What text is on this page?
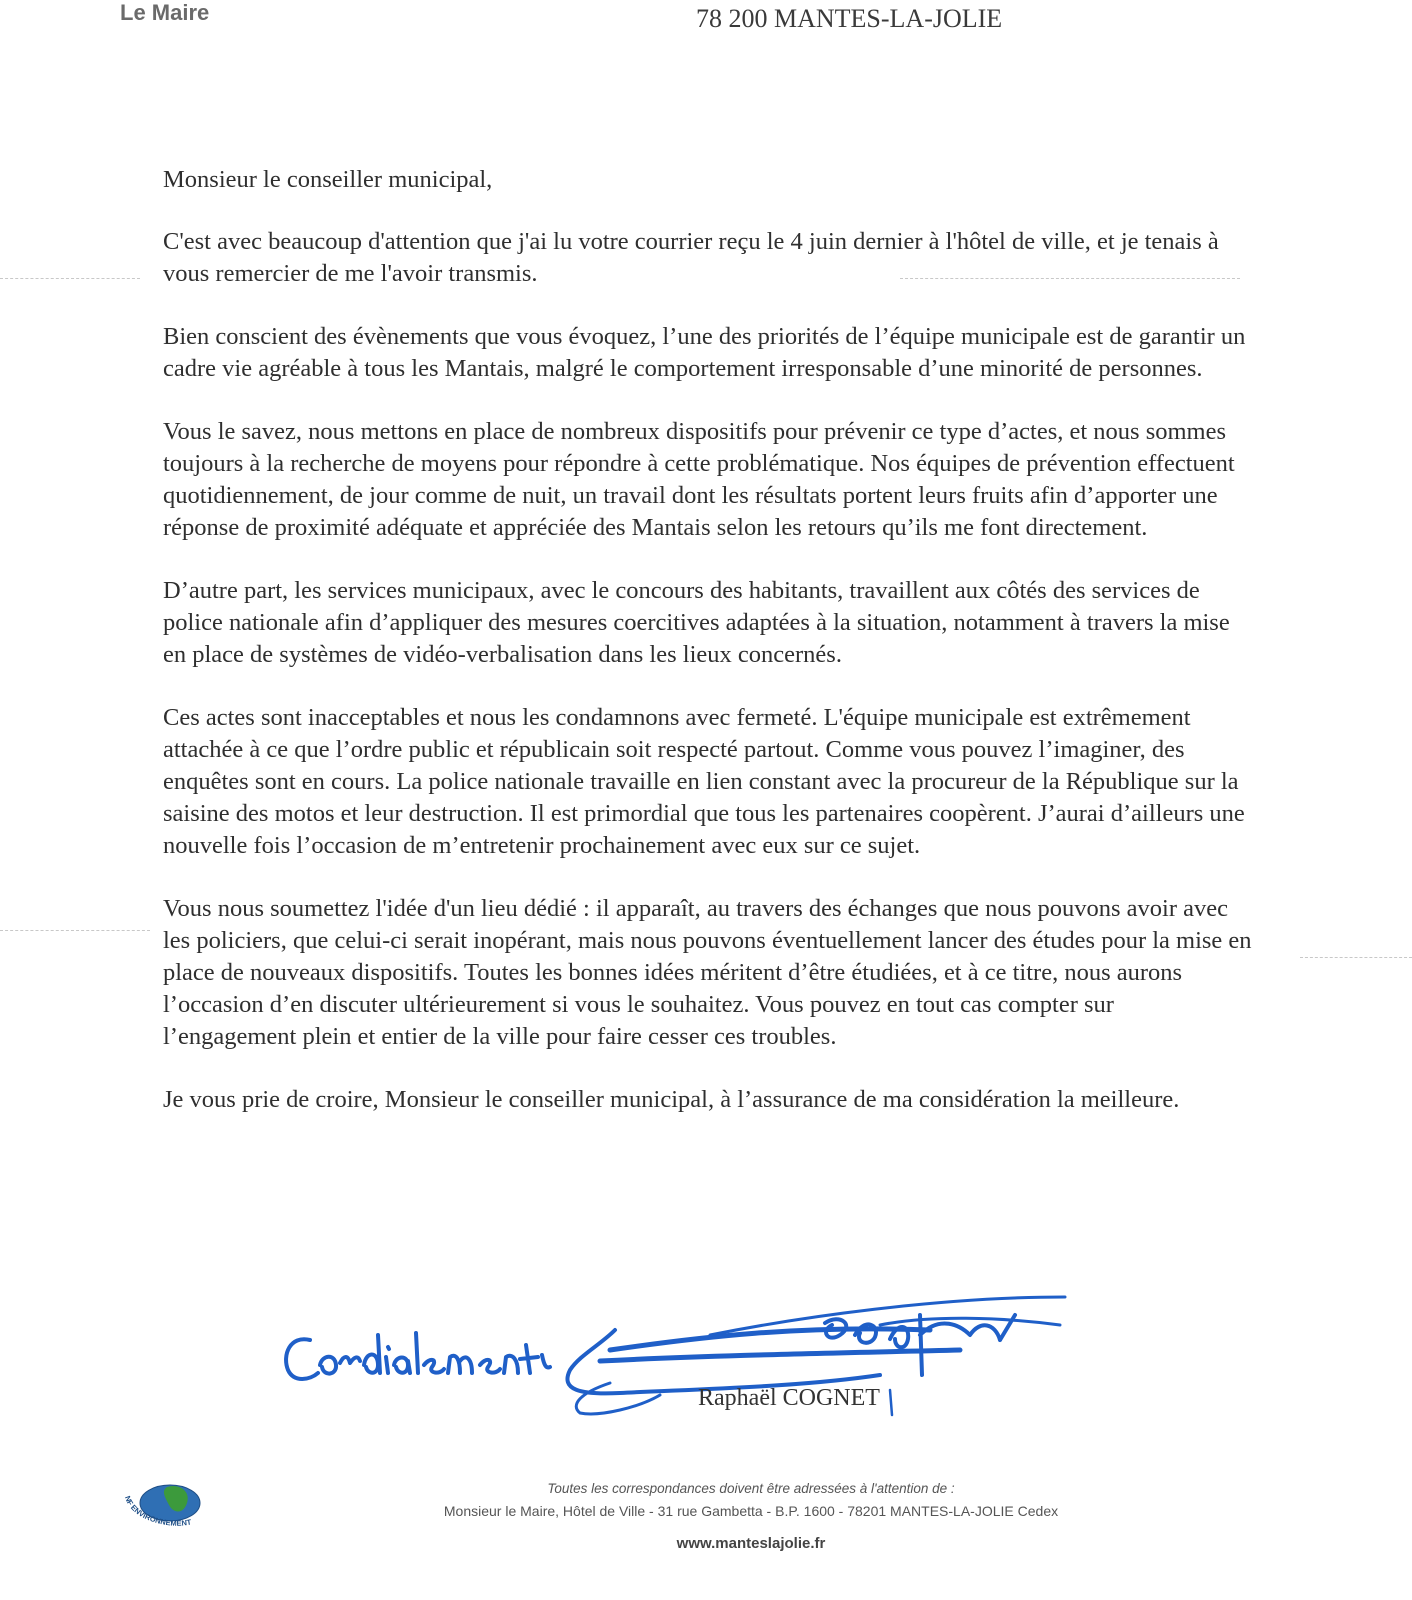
Le Maire	78 200 MANTES-LA-JOLIE

Monsieur le conseiller municipal,

C'est avec beaucoup d'attention que j'ai lu votre courrier reçu le 4 juin dernier à l'hôtel de ville, et je tenais à vous remercier de me l'avoir transmis.

Bien conscient des évènements que vous évoquez, l’une des priorités de l’équipe municipale est de garantir un cadre vie agréable à tous les Mantais, malgré le comportement irresponsable d’une minorité de personnes.

Vous le savez, nous mettons en place de nombreux dispositifs pour prévenir ce type d’actes, et nous sommes toujours à la recherche de moyens pour répondre à cette problématique. Nos équipes de prévention effectuent quotidiennement, de jour comme de nuit, un travail dont les résultats portent leurs fruits afin d’apporter une réponse de proximité adéquate et appréciée des Mantais selon les retours qu’ils me font directement.

D’autre part, les services municipaux, avec le concours des habitants, travaillent aux côtés des services de police nationale afin d’appliquer des mesures coercitives adaptées à la situation, notamment à travers la mise en place de systèmes de vidéo-verbalisation dans les lieux concernés.

Ces actes sont inacceptables et nous les condamnons avec fermeté. L'équipe municipale est extrêmement attachée à ce que l’ordre public et républicain soit respecté partout. Comme vous pouvez l’imaginer, des enquêtes sont en cours. La police nationale travaille en lien constant avec la procureur de la République sur la saisine des motos et leur destruction. Il est primordial que tous les partenaires coopèrent. J’aurai d’ailleurs une nouvelle fois l’occasion de m’entretenir prochainement avec eux sur ce sujet.

Vous nous soumettez l'idée d'un lieu dédié : il apparaît, au travers des échanges que nous pouvons avoir avec les policiers, que celui-ci serait inopérant, mais nous pouvons éventuellement lancer des études pour la mise en place de nouveaux dispositifs. Toutes les bonnes idées méritent d’être étudiées, et à ce titre, nous aurons l’occasion d’en discuter ultérieurement si vous le souhaitez. Vous pouvez en tout cas compter sur l’engagement plein et entier de la ville pour faire cesser ces troubles.

Je vous prie de croire, Monsieur le conseiller municipal, à l’assurance de ma considération la meilleure.

Raphaël COGNET
NF ENVIRONNEMENT
Toutes les correspondances doivent être adressées à l'attention de :
Monsieur le Maire, Hôtel de Ville - 31 rue Gambetta - B.P. 1600 - 78201 MANTES-LA-JOLIE Cedex
www.manteslajolie.fr
